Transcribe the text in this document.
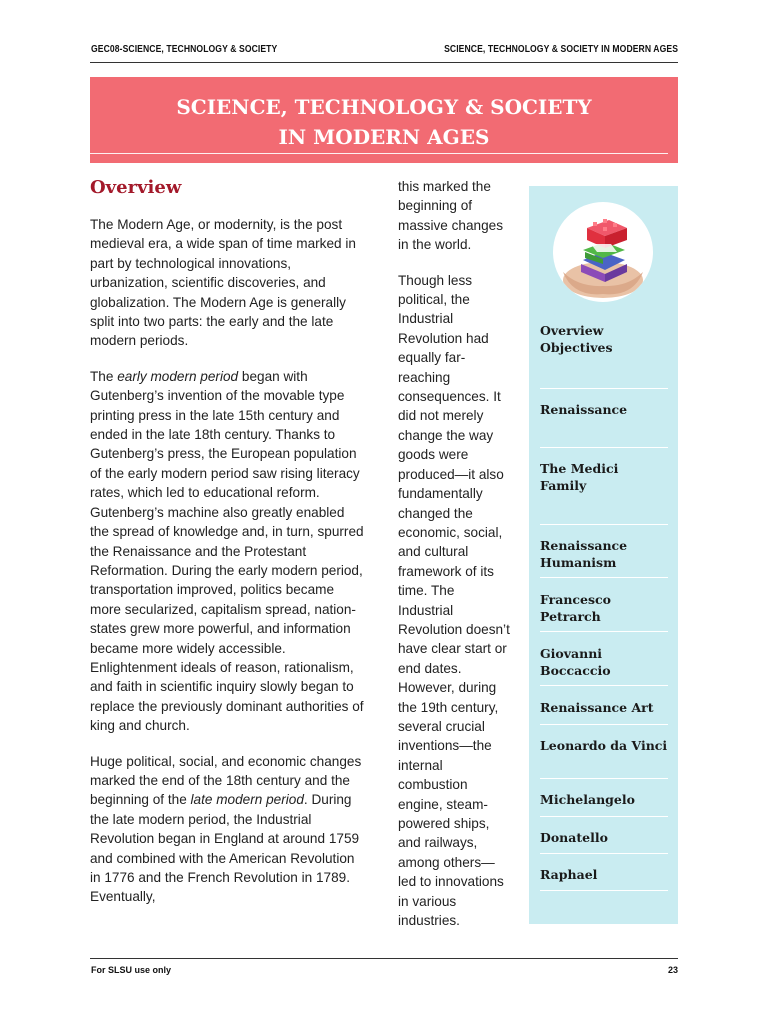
GEC08-SCIENCE, TECHNOLOGY & SOCIETY	SCIENCE, TECHNOLOGY & SOCIETY IN MODERN AGES
SCIENCE, TECHNOLOGY & SOCIETY IN MODERN AGES
Overview

The Modern Age, or modernity, is the post medieval era, a wide span of time marked in part by technological innovations, urbanization, scientific discoveries, and globalization. The Modern Age is generally split into two parts: the early and the late modern periods.

The early modern period began with Gutenberg’s invention of the movable type printing press in the late 15th century and ended in the late 18th century. Thanks to Gutenberg’s press, the European population of the early modern period saw rising literacy rates, which led to educational reform. Gutenberg’s machine also greatly enabled the spread of knowledge and, in turn, spurred the Renaissance and the Protestant Reformation. During the early modern period, transportation improved, politics became more secularized, capitalism spread, nation-states grew more powerful, and information became more widely accessible. Enlightenment ideals of reason, rationalism, and faith in scientific inquiry slowly began to replace the previously dominant authorities of king and church.

Huge political, social, and economic changes marked the end of the 18th century and the beginning of the late modern period. During the late modern period, the Industrial Revolution began in England at around 1759 and combined with the American Revolution in 1776 and the French Revolution in 1789. Eventually,

this marked the beginning of massive changes in the world.

Though less political, the Industrial Revolution had equally far-reaching consequences. It did not merely change the way goods were produced—it also fundamentally changed the economic, social, and cultural framework of its time. The Industrial Revolution doesn’t have clear start or end dates. However, during the 19th century, several crucial inventions—the internal combustion engine, steam-powered ships, and railways, among others—led to innovations in various industries.

Overview Objectives
Renaissance
The Medici Family
Renaissance Humanism
Francesco Petrarch
Giovanni Boccaccio
Renaissance Art
Leonardo da Vinci
Michelangelo
Donatello
Raphael
For SLSU use only	23
